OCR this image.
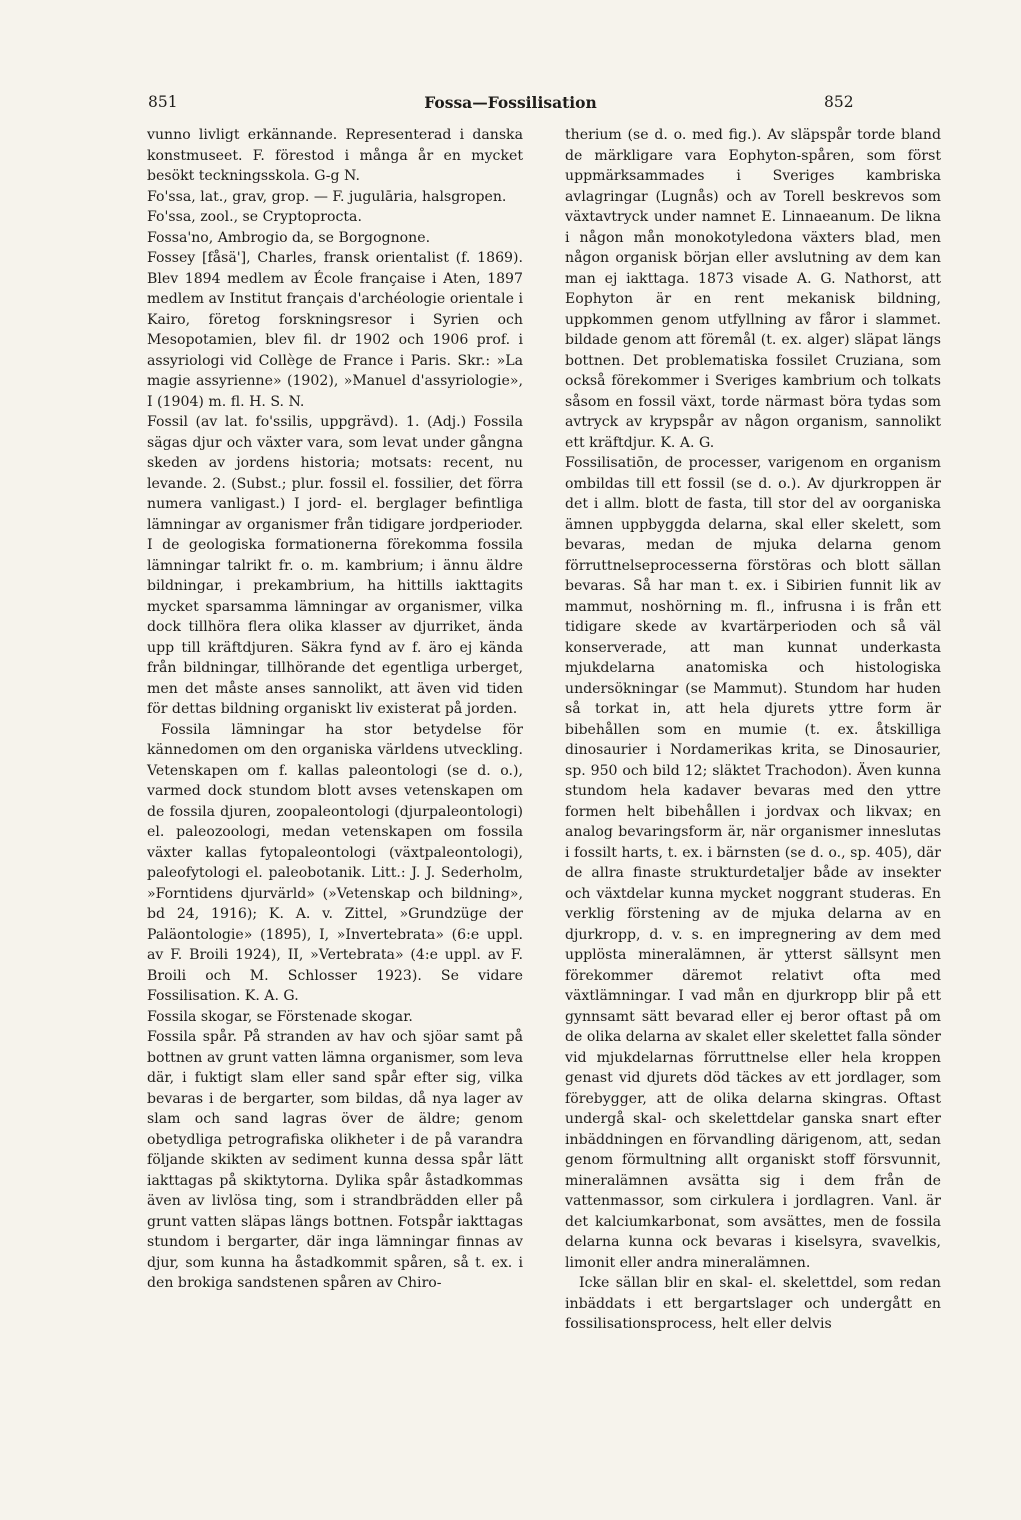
851	Fossa—Fossilisation	852

vunno livligt erkännande. Representerad i danska konstmuseet. F. förestod i många år en mycket besökt teckningsskola. G-g N.

Fo'ssa, lat., grav, grop. — F. jugulāria, halsgropen.

Fo'ssa, zool., se Cryptoprocta.

Fossa'no, Ambrogio da, se Borgognone.

Fossey [fåsä'], Charles, fransk orientalist (f. 1869). Blev 1894 medlem av École française i Aten, 1897 medlem av Institut français d'archéologie orientale i Kairo, företog forskningsresor i Syrien och Mesopotamien, blev fil. dr 1902 och 1906 prof. i assyriologi vid Collège de France i Paris. Skr.: »La magie assyrienne» (1902), »Manuel d'assyriologie», I (1904) m. fl. H. S. N.

Fossil (av lat. fo'ssilis, uppgrävd). 1. (Adj.) Fossila sägas djur och växter vara, som levat under gångna skeden av jordens historia; motsats: recent, nu levande. 2. (Subst.; plur. fossil el. fossilier, det förra numera vanligast.) I jord- el. berglager befintliga lämningar av organismer från tidigare jordperioder. I de geologiska formationerna förekomma fossila lämningar talrikt fr. o. m. kambrium; i ännu äldre bildningar, i prekambrium, ha hittills iakttagits mycket sparsamma lämningar av organismer, vilka dock tillhöra flera olika klasser av djurriket, ända upp till kräftdjuren. Säkra fynd av f. äro ej kända från bildningar, tillhörande det egentliga urberget, men det måste anses sannolikt, att även vid tiden för dettas bildning organiskt liv existerat på jorden.

Fossila lämningar ha stor betydelse för kännedomen om den organiska världens utveckling. Vetenskapen om f. kallas paleontologi (se d. o.), varmed dock stundom blott avses vetenskapen om de fossila djuren, zoopaleontologi (djurpaleontologi) el. paleozoologi, medan vetenskapen om fossila växter kallas fytopaleontologi (växtpaleontologi), paleofytologi el. paleobotanik. Litt.: J. J. Sederholm, »Forntidens djurvärld» (»Vetenskap och bildning», bd 24, 1916); K. A. v. Zittel, »Grundzüge der Paläontologie» (1895), I, »Invertebrata» (6:e uppl. av F. Broili 1924), II, »Vertebrata» (4:e uppl. av F. Broili och M. Schlosser 1923). Se vidare Fossilisation. K. A. G.

Fossila skogar, se Förstenade skogar.

Fossila spår. På stranden av hav och sjöar samt på bottnen av grunt vatten lämna organismer, som leva där, i fuktigt slam eller sand spår efter sig, vilka bevaras i de bergarter, som bildas, då nya lager av slam och sand lagras över de äldre; genom obetydliga petrografiska olikheter i de på varandra följande skikten av sediment kunna dessa spår lätt iakttagas på skiktytorna. Dylika spår åstadkommas även av livlösa ting, som i strandbrädden eller på grunt vatten släpas längs bottnen. Fotspår iakttagas stundom i bergarter, där inga lämningar finnas av djur, som kunna ha åstadkommit spåren, så t. ex. i den brokiga sandstenen spåren av Chiro-

therium (se d. o. med fig.). Av släpspår torde bland de märkligare vara Eophyton-spåren, som först uppmärksammades i Sveriges kambriska avlagringar (Lugnås) och av Torell beskrevos som växtavtryck under namnet E. Linnaeanum. De likna i någon mån monokotyledona växters blad, men någon organisk början eller avslutning av dem kan man ej iakttaga. 1873 visade A. G. Nathorst, att Eophyton är en rent mekanisk bildning, uppkommen genom utfyllning av fåror i slammet. bildade genom att föremål (t. ex. alger) släpat längs bottnen. Det problematiska fossilet Cruziana, som också förekommer i Sveriges kambrium och tolkats såsom en fossil växt, torde närmast böra tydas som avtryck av krypspår av någon organism, sannolikt ett kräftdjur. K. A. G.

Fossilisatiōn, de processer, varigenom en organism ombildas till ett fossil (se d. o.). Av djurkroppen är det i allm. blott de fasta, till stor del av oorganiska ämnen uppbyggda delarna, skal eller skelett, som bevaras, medan de mjuka delarna genom förruttnelseprocesserna förstöras och blott sällan bevaras. Så har man t. ex. i Sibirien funnit lik av mammut, noshörning m. fl., infrusna i is från ett tidigare skede av kvartärperioden och så väl konserverade, att man kunnat underkasta mjukdelarna anatomiska och histologiska undersökningar (se Mammut). Stundom har huden så torkat in, att hela djurets yttre form är bibehållen som en mumie (t. ex. åtskilliga dinosaurier i Nordamerikas krita, se Dinosaurier, sp. 950 och bild 12; släktet Trachodon). Även kunna stundom hela kadaver bevaras med den yttre formen helt bibehållen i jordvax och likvax; en analog bevaringsform är, när organismer inneslutas i fossilt harts, t. ex. i bärnsten (se d. o., sp. 405), där de allra finaste strukturdetaljer både av insekter och växtdelar kunna mycket noggrant studeras. En verklig förstening av de mjuka delarna av en djurkropp, d. v. s. en impregnering av dem med upplösta mineralämnen, är ytterst sällsynt men förekommer däremot relativt ofta med växtlämningar. I vad mån en djurkropp blir på ett gynnsamt sätt bevarad eller ej beror oftast på om de olika delarna av skalet eller skelettet falla sönder vid mjukdelarnas förruttnelse eller hela kroppen genast vid djurets död täckes av ett jordlager, som förebygger, att de olika delarna skingras. Oftast undergå skal- och skelettdelar ganska snart efter inbäddningen en förvandling därigenom, att, sedan genom förmultning allt organiskt stoff försvunnit, mineralämnen avsätta sig i dem från de vattenmassor, som cirkulera i jordlagren. Vanl. är det kalciumkarbonat, som avsättes, men de fossila delarna kunna ock bevaras i kiselsyra, svavelkis, limonit eller andra mineralämnen.

Icke sällan blir en skal- el. skelettdel, som redan inbäddats i ett bergartslager och undergått en fossilisationsprocess, helt eller delvis
